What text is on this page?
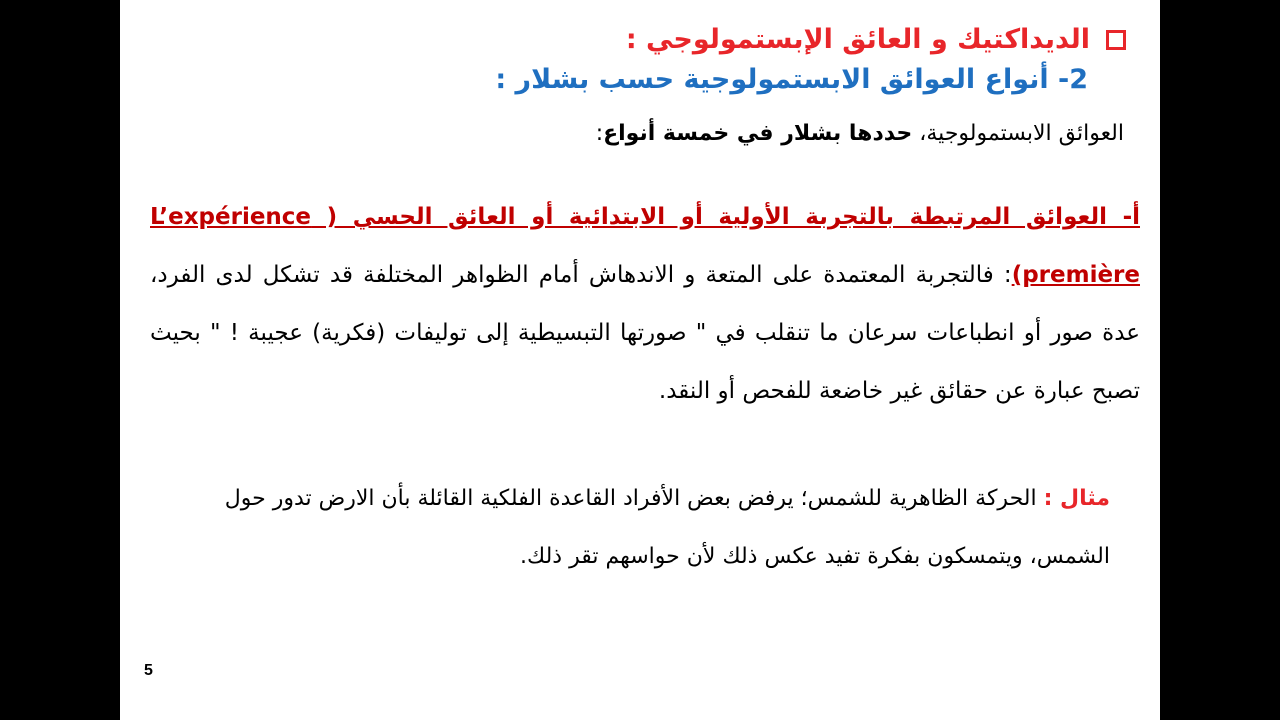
الديداكتيك و العائق الإبستمولوجي :
2- أنواع العوائق الابستمولوجية حسب بشلار :
العوائق الابستمولوجية، حددها بشلار في خمسة أنواع:
أ- العوائق المرتبطة بالتجربة الأولية أو الابتدائية أو العائق الحسي ( L’expérience première): فالتجربة المعتمدة على المتعة و الاندهاش أمام الظواهر المختلفة قد تشكل لدى الفرد، عدة صور أو انطباعات سرعان ما تنقلب في " صورتها التبسيطية إلى توليفات (فكرية) عجيبة ! " بحيث تصبح عبارة عن حقائق غير خاضعة للفحص أو النقد.
مثال : الحركة الظاهرية للشمس؛ يرفض بعض الأفراد القاعدة الفلكية القائلة بأن الارض تدور حول الشمس، ويتمسكون بفكرة تفيد عكس ذلك لأن حواسهم تقر ذلك.
5
